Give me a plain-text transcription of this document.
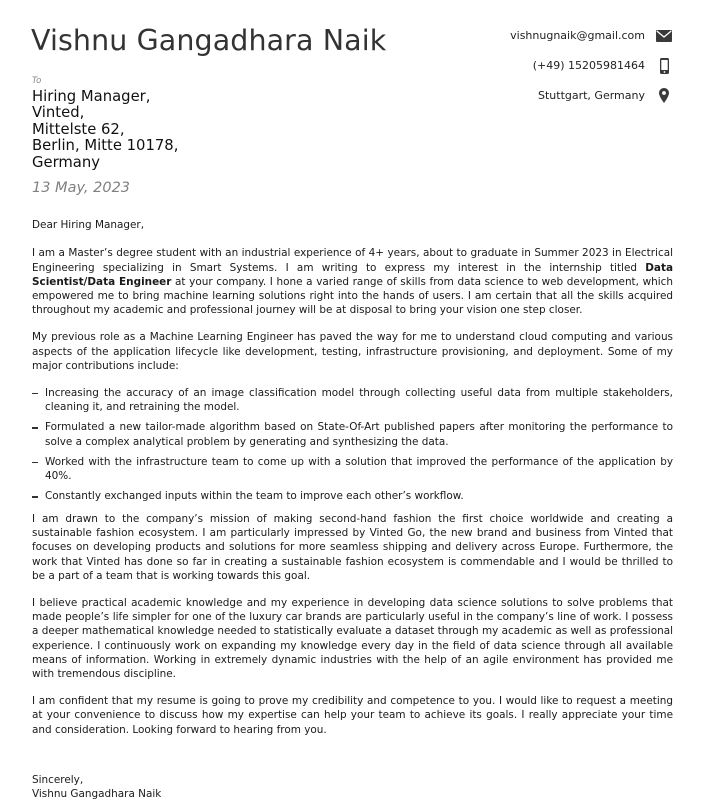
Vishnu Gangadhara Naik	vishnugnaik@gmail.com
(+49) 15205981464
Stuttgart, Germany
To
Hiring Manager,
Vinted,
Mittelste 62,
Berlin, Mitte 10178,
Germany
13 May, 2023

Dear Hiring Manager,

I am a Master’s degree student with an industrial experience of 4+ years, about to graduate in Summer 2023 in Electrical Engineering specializing in Smart Systems. I am writing to express my interest in the internship titled Data Scientist/Data Engineer at your company. I hone a varied range of skills from data science to web development, which empowered me to bring machine learning solutions right into the hands of users. I am certain that all the skills acquired throughout my academic and professional journey will be at disposal to bring your vision one step closer.

My previous role as a Machine Learning Engineer has paved the way for me to understand cloud computing and various aspects of the application lifecycle like development, testing, infrastructure provisioning, and deployment. Some of my major contributions include:

Increasing the accuracy of an image classification model through collecting useful data from multiple stakeholders, cleaning it, and retraining the model.
Formulated a new tailor-made algorithm based on State-Of-Art published papers after monitoring the performance to solve a complex analytical problem by generating and synthesizing the data.
Worked with the infrastructure team to come up with a solution that improved the performance of the application by 40%.
Constantly exchanged inputs within the team to improve each other’s workflow.

I am drawn to the company’s mission of making second-hand fashion the first choice worldwide and creating a sustainable fashion ecosystem. I am particularly impressed by Vinted Go, the new brand and business from Vinted that focuses on developing products and solutions for more seamless shipping and delivery across Europe. Furthermore, the work that Vinted has done so far in creating a sustainable fashion ecosystem is commendable and I would be thrilled to be a part of a team that is working towards this goal.

I believe practical academic knowledge and my experience in developing data science solutions to solve problems that made people’s life simpler for one of the luxury car brands are particularly useful in the company’s line of work. I possess a deeper mathematical knowledge needed to statistically evaluate a dataset through my academic as well as professional experience. I continuously work on expanding my knowledge every day in the field of data science through all available means of information. Working in extremely dynamic industries with the help of an agile environment has provided me with tremendous discipline.

I am confident that my resume is going to prove my credibility and competence to you. I would like to request a meeting at your convenience to discuss how my expertise can help your team to achieve its goals. I really appreciate your time and consideration. Looking forward to hearing from you.

Sincerely,
Vishnu Gangadhara Naik
